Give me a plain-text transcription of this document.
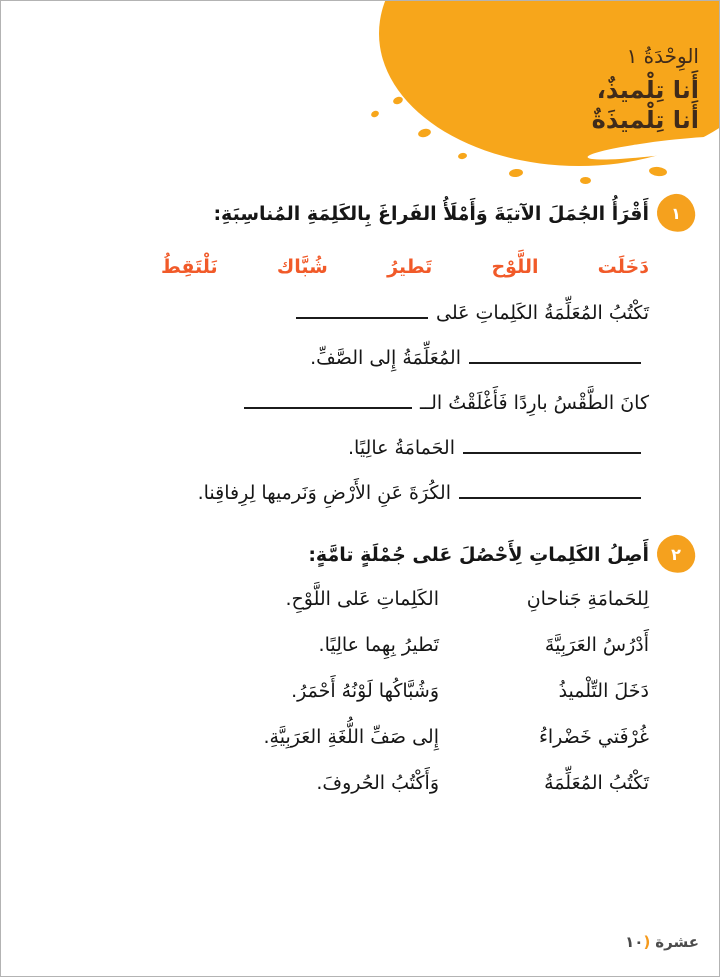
الوِحْدَةُ ١
أَنا تِلْميذٌ،
أَنا تِلْميذَةٌ
١
أَقْرَأُ الجُمَلَ الآتيَةَ وَأَمْلَأُ الفَراغَ بِالكَلِمَةِ المُناسِبَةِ:
دَخَلَت
اللَّوْح
تَطيرُ
شُبَّاك
نَلْتَقِطُ
تَكْتُبُ المُعَلِّمَةُ الكَلِماتِ عَلى
المُعَلِّمَةُ إِلى الصَّفِّ.
كانَ الطَّقْسُ بارِدًا فَأَغْلَقْتُ الــ
الحَمامَةُ عالِيًا.
الكُرَةَ عَنِ الأَرْضِ وَنَرميها لِرِفاقِنا.
٢
أَصِلُ الكَلِماتِ لِأَحْصُلَ عَلى جُمْلَةٍ تامَّةٍ:
لِلحَمامَةِ جَناحانِ
الكَلِماتِ عَلى اللَّوْحِ.
أَدْرُسُ العَرَبِيَّةَ
تَطيرُ بِهِما عالِيًا.
دَخَلَ التِّلْميذُ
وَشُبَّاكُها لَوْنُهُ أَحْمَرُ.
غُرْفَتي خَضْراءُ
إِلى صَفِّ اللُّغَةِ العَرَبِيَّةِ.
تَكْتُبُ المُعَلِّمَةُ
وَأَكْتُبُ الحُروفَ.
١٠ ) عشرة
